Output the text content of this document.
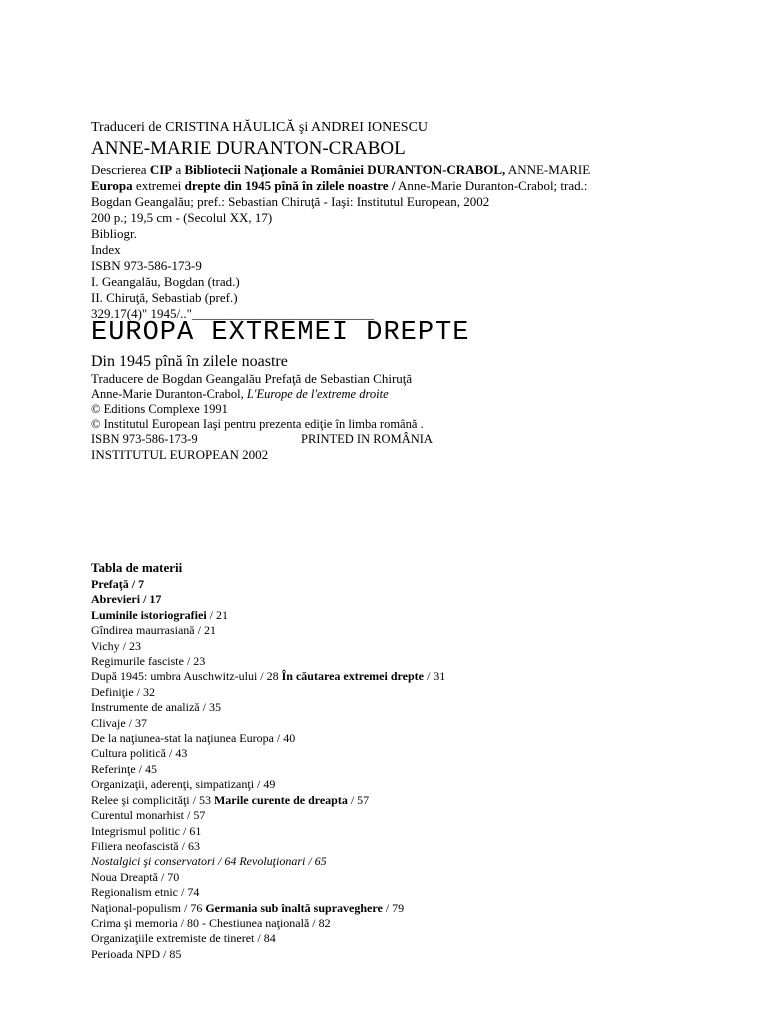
Traduceri de CRISTINA HĂULICĂ şi ANDREI IONESCU
ANNE-MARIE DURANTON-CRABOL
Descrierea CIP a Bibliotecii Naţionale a României DURANTON-CRABOL, ANNE-MARIE
Europa extremei drepte din 1945 pînă în zilele noastre / Anne-Marie Duranton-Crabol; trad.:
Bogdan Geangalău; pref.: Sebastian Chiruţă - Iaşi: Institutul European, 2002
200 p.; 19,5 cm - (Secolul XX, 17)
Bibliogr.
Index
ISBN 973-586-173-9
I. Geangalău, Bogdan (trad.)
II. Chiruţă, Sebastiab (pref.)
329.17(4)" 1945/.."____________________________
EUROPA EXTREMEI DREPTE
Din 1945 pînă în zilele noastre
Traducere de Bogdan Geangalău Prefaţă de Sebastian Chiruţă
Anne-Marie Duranton-Crabol, L'Europe de l'extreme droite
© Editions Complexe 1991
© Institutul European Iaşi pentru prezenta ediţie în limba română .
ISBN 973-586-173-9	PRINTED IN ROMÂNIA
INSTITUTUL EUROPEAN 2002
Tabla de materii
Prefaţă / 7
Abrevieri / 17
Luminile istoriografiei / 21
Gîndirea maurrasiană / 21
Vichy / 23
Regimurile fasciste / 23
După 1945: umbra Auschwitz-ului / 28 În căutarea extremei drepte / 31
Definiţie / 32
Instrumente de analiză / 35
Clivaje / 37
De la naţiunea-stat la naţiunea Europa / 40
Cultura politică / 43
Referinţe / 45
Organizaţii, aderenţi, simpatizanţi / 49
Relee şi complicităţi / 53 Marile curente de dreapta / 57
Curentul monarhist / 57
Integrismul politic / 61
Filiera neofascistă / 63
Nostalgici şi conservatori / 64 Revoluţionari / 65
Noua Dreaptă / 70
Regionalism etnic / 74
Naţional-populism / 76 Germania sub înaltă supraveghere / 79
Crima şi memoria / 80 - Chestiunea naţională / 82
Organizaţiile extremiste de tineret / 84
Perioada NPD / 85
